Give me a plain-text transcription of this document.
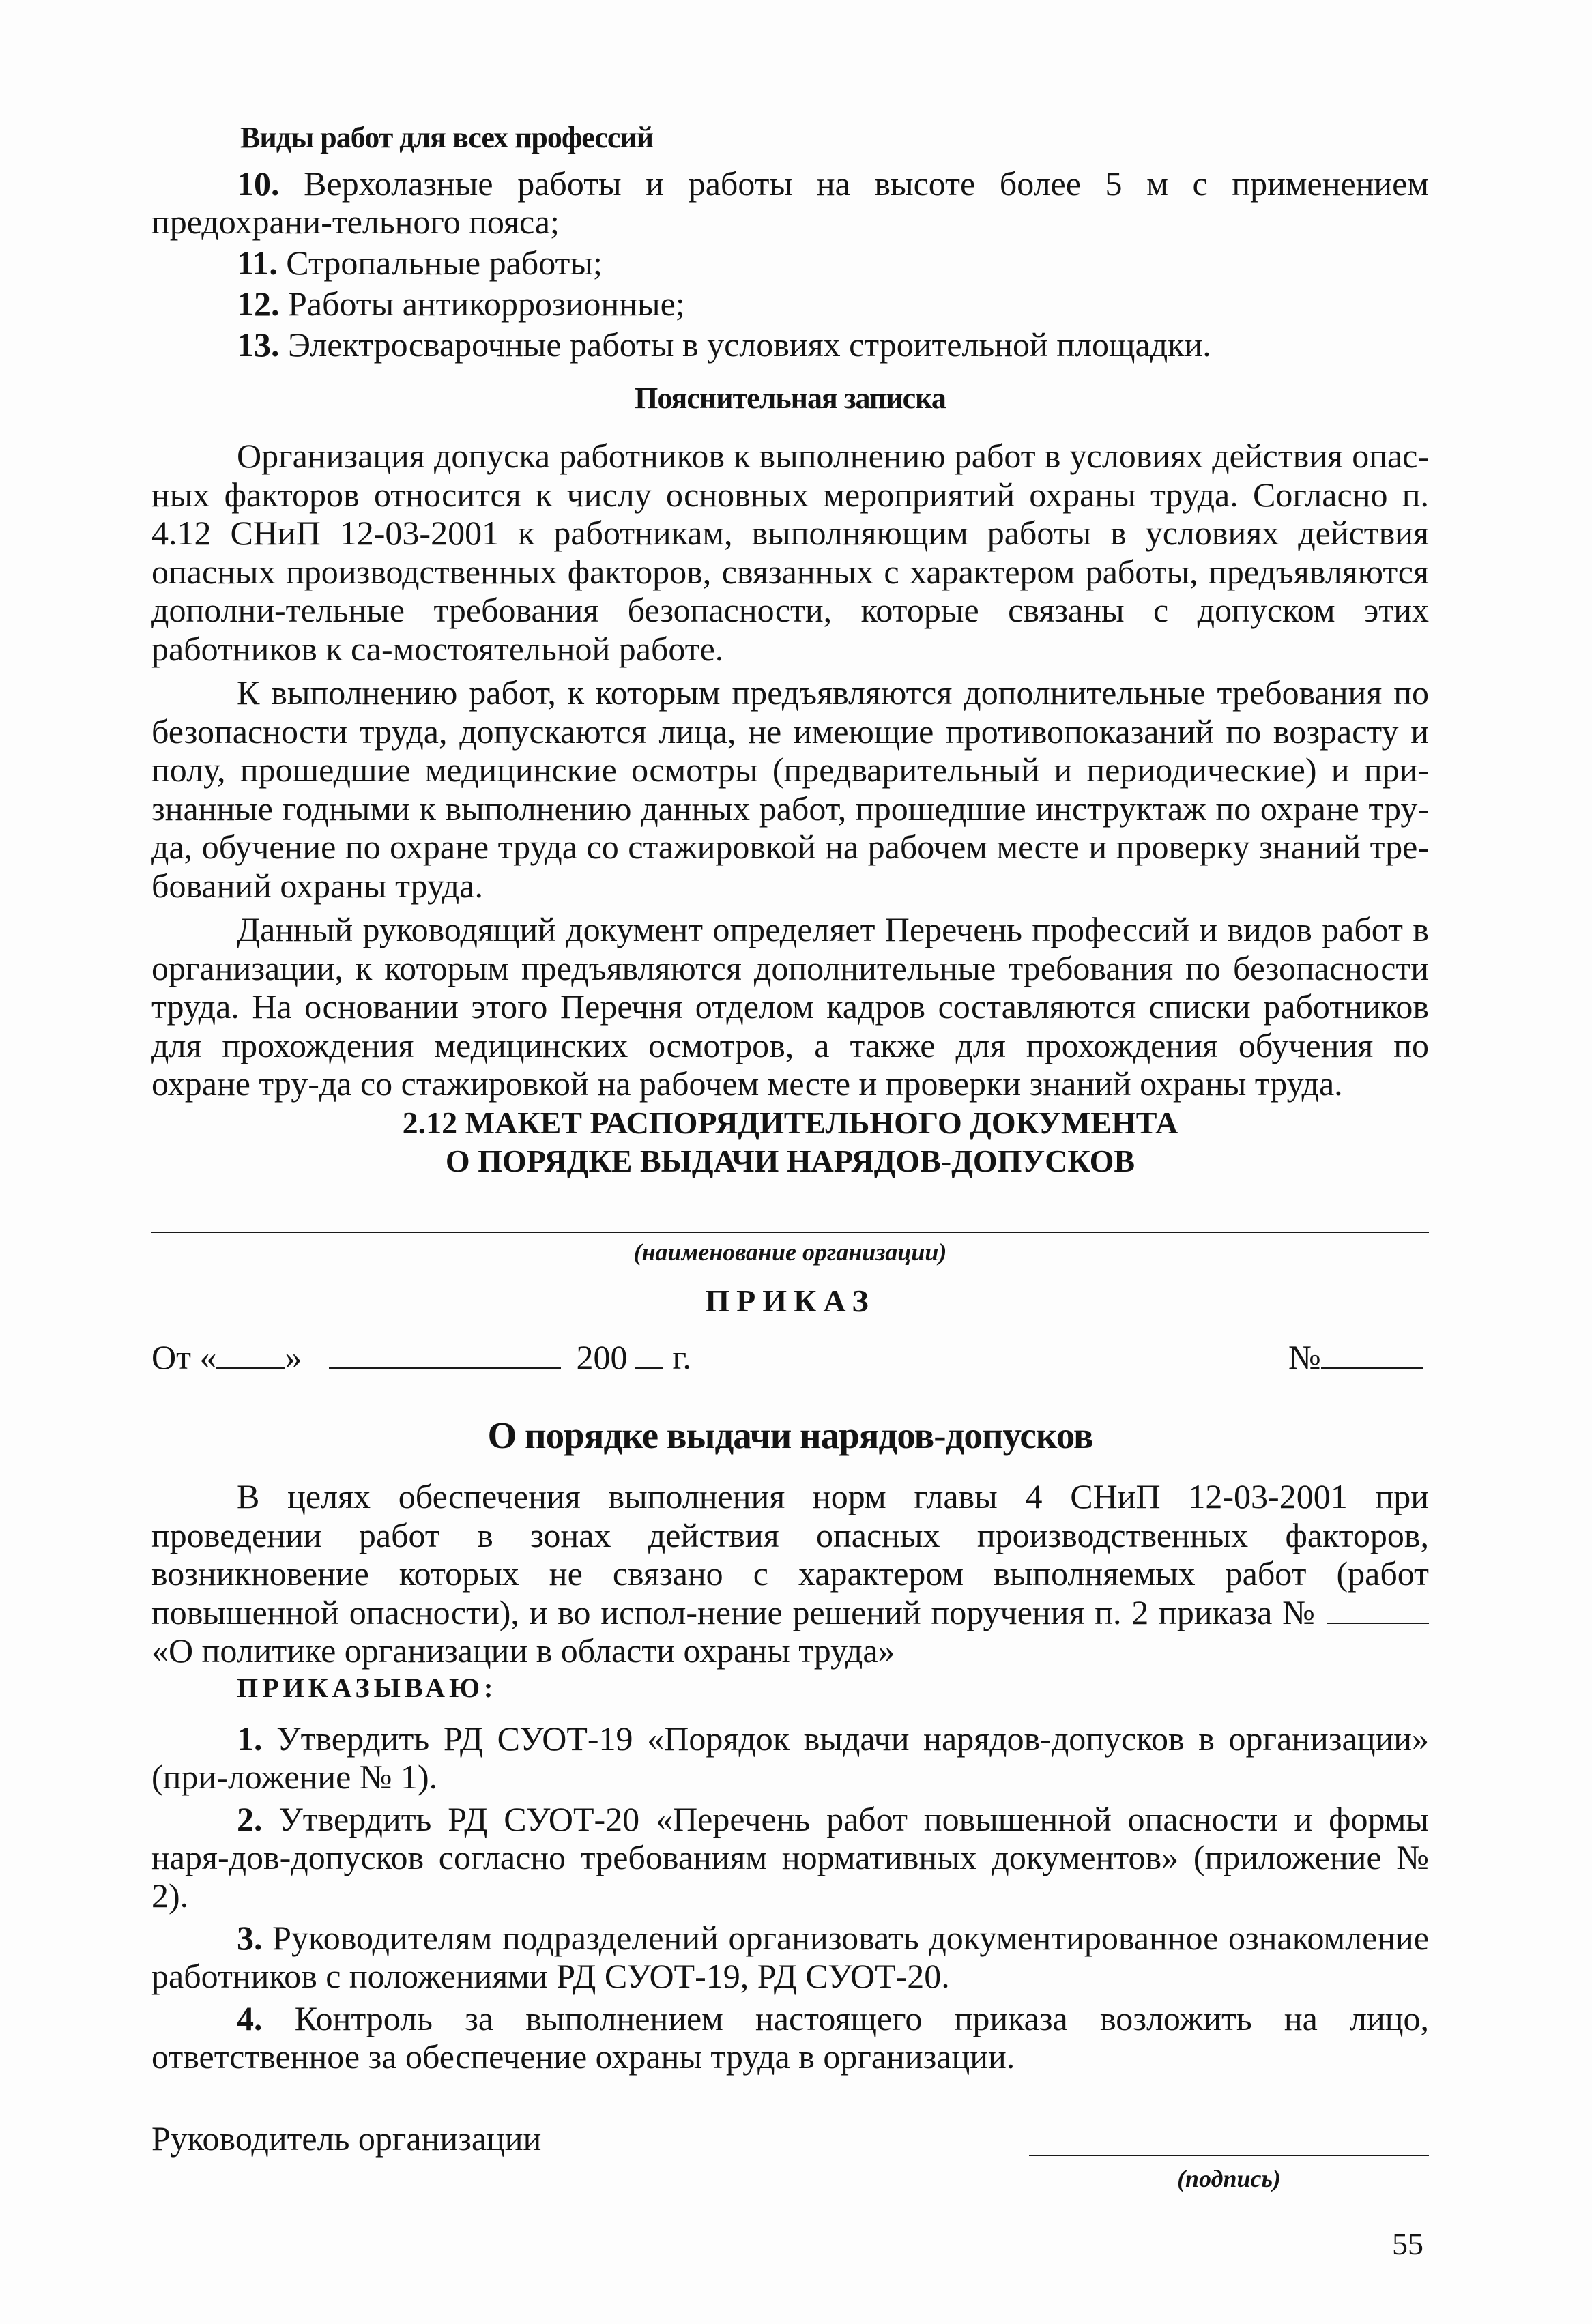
Виды работ для всех профессий

10. Верхолазные работы и работы на высоте более 5 м с применением предохрани-тельного пояса;

11. Стропальные работы;

12. Работы антикоррозионные;

13. Электросварочные работы в условиях строительной площадки.

Пояснительная записка

Организация допуска работников к выполнению работ в условиях действия опас-ных факторов относится к числу основных мероприятий охраны труда. Согласно п. 4.12 СНиП 12-03-2001 к работникам, выполняющим работы в условиях действия опасных производственных факторов, связанных с характером работы, предъявляются дополни-тельные требования безопасности, которые связаны с допуском этих работников к са-мостоятельной работе.

К выполнению работ, к которым предъявляются дополнительные требования по безопасности труда, допускаются лица, не имеющие противопоказаний по возрасту и полу, прошедшие медицинские осмотры (предварительный и периодические) и при-знанные годными к выполнению данных работ, прошедшие инструктаж по охране тру-да, обучение по охране труда со стажировкой на рабочем месте и проверку знаний тре-бований охраны труда.

Данный руководящий документ определяет Перечень профессий и видов работ в организации, к которым предъявляются дополнительные требования по безопасности труда. На основании этого Перечня отделом кадров составляются списки работников для прохождения медицинских осмотров, а также для прохождения обучения по охране тру-да со стажировкой на рабочем месте и проверки знаний охраны труда.

2.12 МАКЕТ РАСПОРЯДИТЕЛЬНОГО ДОКУМЕНТА

О ПОРЯДКЕ ВЫДАЧИ НАРЯДОВ-ДОПУСКОВ

(наименование организации)

ПРИКАЗ

От « »	200 г.	№

О порядке выдачи нарядов-допусков

В целях обеспечения выполнения норм главы 4 СНиП 12-03-2001 при проведении работ в зонах действия опасных производственных факторов, возникновение которых не связано с характером выполняемых работ (работ повышенной опасности), и во испол-нение решений поручения п. 2 приказа №  «О политике организации в области охраны труда»

ПРИКАЗЫВАЮ:

1. Утвердить РД СУОТ-19 «Порядок выдачи нарядов-допусков в организации» (при-ложение № 1).

2. Утвердить РД СУОТ-20 «Перечень работ повышенной опасности и формы наря-дов-допусков согласно требованиям нормативных документов» (приложение № 2).

3. Руководителям подразделений организовать документированное ознакомление работников с положениями РД СУОТ-19, РД СУОТ-20.

4. Контроль за выполнением настоящего приказа возложить на лицо, ответственное за обеспечение охраны труда в организации.

Руководитель организации
(подпись)
55
